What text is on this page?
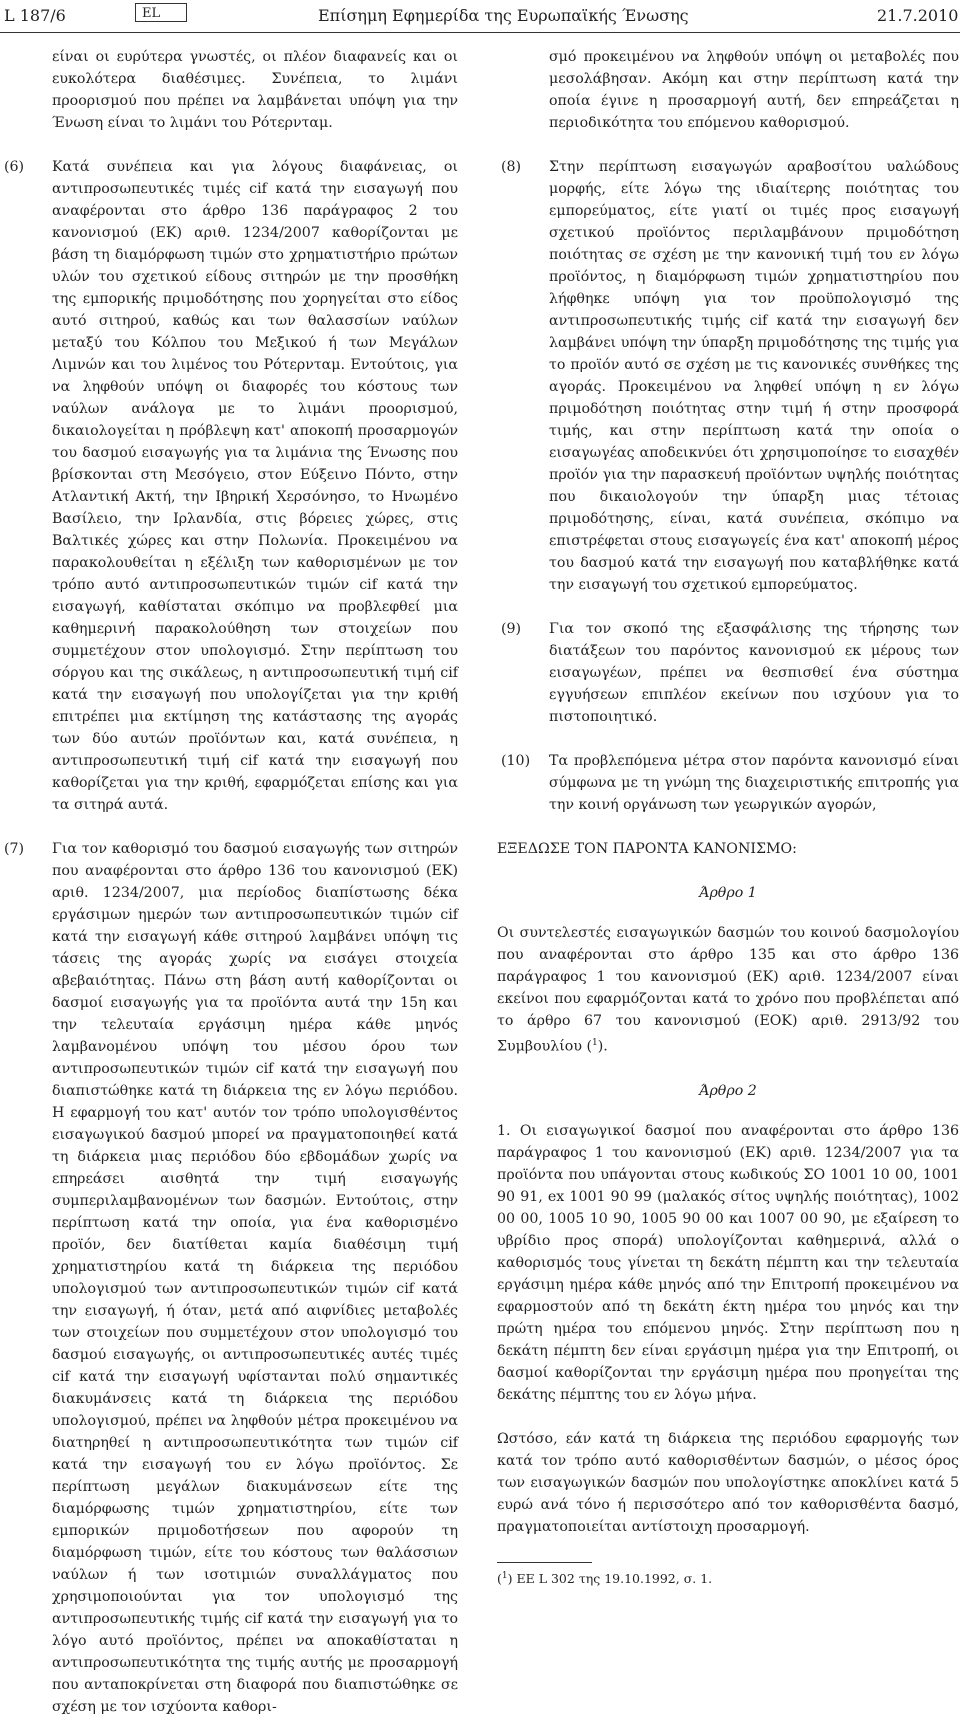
L 187/6	EL	Επίσημη Εφημερίδα της Ευρωπαϊκής Ένωσης	21.7.2010

είναι οι ευρύτερα γνωστές, οι πλέον διαφανείς και οι ευκολότερα διαθέσιμες. Συνέπεια, το λιμάνι προορισμού που πρέπει να λαμβάνεται υπόψη για την Ένωση είναι το λιμάνι του Ρότερνταμ.

(6) Κατά συνέπεια και για λόγους διαφάνειας, οι αντιπροσωπευτικές τιμές cif κατά την εισαγωγή που αναφέρονται στο άρθρο 136 παράγραφος 2 του κανονισμού (ΕΚ) αριθ. 1234/2007 καθορίζονται με βάση τη διαμόρφωση τιμών στο χρηματιστήριο πρώτων υλών του σχετικού είδους σιτηρών με την προσθήκη της εμπορικής πριμοδότησης που χορηγείται στο είδος αυτό σιτηρού, καθώς και των θαλασσίων ναύλων μεταξύ του Κόλπου του Μεξικού ή των Μεγάλων Λιμνών και του λιμένος του Ρότερνταμ. Εντούτοις, για να ληφθούν υπόψη οι διαφορές του κόστους των ναύλων ανάλογα με το λιμάνι προορισμού, δικαιολογείται η πρόβλεψη κατ' αποκοπή προσαρμογών του δασμού εισαγωγής για τα λιμάνια της Ένωσης που βρίσκονται στη Μεσόγειο, στον Εύξεινο Πόντο, στην Ατλαντική Ακτή, την Ιβηρική Χερσόνησο, το Ηνωμένο Βασίλειο, την Ιρλανδία, στις βόρειες χώρες, στις Βαλτικές χώρες και στην Πολωνία. Προκειμένου να παρακολουθείται η εξέλιξη των καθορισμένων με τον τρόπο αυτό αντιπροσωπευτικών τιμών cif κατά την εισαγωγή, καθίσταται σκόπιμο να προβλεφθεί μια καθημερινή παρακολούθηση των στοιχείων που συμμετέχουν στον υπολογισμό. Στην περίπτωση του σόργου και της σικάλεως, η αντιπροσωπευτική τιμή cif κατά την εισαγωγή που υπολογίζεται για την κριθή επιτρέπει μια εκτίμηση της κατάστασης της αγοράς των δύο αυτών προϊόντων και, κατά συνέπεια, η αντιπροσωπευτική τιμή cif κατά την εισαγωγή που καθορίζεται για την κριθή, εφαρμόζεται επίσης και για τα σιτηρά αυτά.

(7) Για τον καθορισμό του δασμού εισαγωγής των σιτηρών που αναφέρονται στο άρθρο 136 του κανονισμού (ΕΚ) αριθ. 1234/2007, μια περίοδος διαπίστωσης δέκα εργάσιμων ημερών των αντιπροσωπευτικών τιμών cif κατά την εισαγωγή κάθε σιτηρού λαμβάνει υπόψη τις τάσεις της αγοράς χωρίς να εισάγει στοιχεία αβεβαιότητας. Πάνω στη βάση αυτή καθορίζονται οι δασμοί εισαγωγής για τα προϊόντα αυτά την 15η και την τελευταία εργάσιμη ημέρα κάθε μηνός λαμβανομένου υπόψη του μέσου όρου των αντιπροσωπευτικών τιμών cif κατά την εισαγωγή που διαπιστώθηκε κατά τη διάρκεια της εν λόγω περιόδου. Η εφαρμογή του κατ' αυτόν τον τρόπο υπολογισθέντος εισαγωγικού δασμού μπορεί να πραγματοποιηθεί κατά τη διάρκεια μιας περιόδου δύο εβδομάδων χωρίς να επηρεάσει αισθητά την τιμή εισαγωγής συμπεριλαμβανομένων των δασμών. Εντούτοις, στην περίπτωση κατά την οποία, για ένα καθορισμένο προϊόν, δεν διατίθεται καμία διαθέσιμη τιμή χρηματιστηρίου κατά τη διάρκεια της περιόδου υπολογισμού των αντιπροσωπευτικών τιμών cif κατά την εισαγωγή, ή όταν, μετά από αιφνίδιες μεταβολές των στοιχείων που συμμετέχουν στον υπολογισμό του δασμού εισαγωγής, οι αντιπροσωπευτικές αυτές τιμές cif κατά την εισαγωγή υφίστανται πολύ σημαντικές διακυμάνσεις κατά τη διάρκεια της περιόδου υπολογισμού, πρέπει να ληφθούν μέτρα προκειμένου να διατηρηθεί η αντιπροσωπευτικότητα των τιμών cif κατά την εισαγωγή του εν λόγω προϊόντος. Σε περίπτωση μεγάλων διακυμάνσεων είτε της διαμόρφωσης τιμών χρηματιστηρίου, είτε των εμπορικών πριμοδοτήσεων που αφορούν τη διαμόρφωση τιμών, είτε του κόστους των θαλάσσιων ναύλων ή των ισοτιμιών συναλλάγματος που χρησιμοποιούνται για τον υπολογισμό της αντιπροσωπευτικής τιμής cif κατά την εισαγωγή για το λόγο αυτό προϊόντος, πρέπει να αποκαθίσταται η αντιπροσωπευτικότητα της τιμής αυτής με προσαρμογή που ανταποκρίνεται στη διαφορά που διαπιστώθηκε σε σχέση με τον ισχύοντα καθορι-

σμό προκειμένου να ληφθούν υπόψη οι μεταβολές που μεσολάβησαν. Ακόμη και στην περίπτωση κατά την οποία έγινε η προσαρμογή αυτή, δεν επηρεάζεται η περιοδικότητα του επόμενου καθορισμού.

(8) Στην περίπτωση εισαγωγών αραβοσίτου υαλώδους μορφής, είτε λόγω της ιδιαίτερης ποιότητας του εμπορεύματος, είτε γιατί οι τιμές προς εισαγωγή σχετικού προϊόντος περιλαμβάνουν πριμοδότηση ποιότητας σε σχέση με την κανονική τιμή του εν λόγω προϊόντος, η διαμόρφωση τιμών χρηματιστηρίου που λήφθηκε υπόψη για τον προϋπολογισμό της αντιπροσωπευτικής τιμής cif κατά την εισαγωγή δεν λαμβάνει υπόψη την ύπαρξη πριμοδότησης της τιμής για το προϊόν αυτό σε σχέση με τις κανονικές συνθήκες της αγοράς. Προκειμένου να ληφθεί υπόψη η εν λόγω πριμοδότηση ποιότητας στην τιμή ή στην προσφορά τιμής, και στην περίπτωση κατά την οποία ο εισαγωγέας αποδεικνύει ότι χρησιμοποίησε το εισαχθέν προϊόν για την παρασκευή προϊόντων υψηλής ποιότητας που δικαιολογούν την ύπαρξη μιας τέτοιας πριμοδότησης, είναι, κατά συνέπεια, σκόπιμο να επιστρέφεται στους εισαγωγείς ένα κατ' αποκοπή μέρος του δασμού κατά την εισαγωγή που καταβλήθηκε κατά την εισαγωγή του σχετικού εμπορεύματος.

(9) Για τον σκοπό της εξασφάλισης της τήρησης των διατάξεων του παρόντος κανονισμού εκ μέρους των εισαγωγέων, πρέπει να θεσπισθεί ένα σύστημα εγγυήσεων επιπλέον εκείνων που ισχύουν για το πιστοποιητικό.

(10) Τα προβλεπόμενα μέτρα στον παρόντα κανονισμό είναι σύμφωνα με τη γνώμη της διαχειριστικής επιτροπής για την κοινή οργάνωση των γεωργικών αγορών,

ΕΞΕΔΩΣΕ ΤΟΝ ΠΑΡΟΝΤΑ ΚΑΝΟΝΙΣΜΟ:

Άρθρο 1

Οι συντελεστές εισαγωγικών δασμών του κοινού δασμολογίου που αναφέρονται στο άρθρο 135 και στο άρθρο 136 παράγραφος 1 του κανονισμού (ΕΚ) αριθ. 1234/2007 είναι εκείνοι που εφαρμόζονται κατά το χρόνο που προβλέπεται από το άρθρο 67 του κανονισμού (ΕΟΚ) αριθ. 2913/92 του Συμβουλίου ($^1$).

Άρθρο 2

1. Οι εισαγωγικοί δασμοί που αναφέρονται στο άρθρο 136 παράγραφος 1 του κανονισμού (ΕΚ) αριθ. 1234/2007 για τα προϊόντα που υπάγονται στους κωδικούς ΣΟ 1001 10 00, 1001 90 91, ex 1001 90 99 (μαλακός σίτος υψηλής ποιότητας), 1002 00 00, 1005 10 90, 1005 90 00 και 1007 00 90, με εξαίρεση το υβρίδιο προς σπορά) υπολογίζονται καθημερινά, αλλά ο καθορισμός τους γίνεται τη δεκάτη πέμπτη και την τελευταία εργάσιμη ημέρα κάθε μηνός από την Επιτροπή προκειμένου να εφαρμοστούν από τη δεκάτη έκτη ημέρα του μηνός και την πρώτη ημέρα του επόμενου μηνός. Στην περίπτωση που η δεκάτη πέμπτη δεν είναι εργάσιμη ημέρα για την Επιτροπή, οι δασμοί καθορίζονται την εργάσιμη ημέρα που προηγείται της δεκάτης πέμπτης του εν λόγω μήνα.

Ωστόσο, εάν κατά τη διάρκεια της περιόδου εφαρμογής των κατά τον τρόπο αυτό καθορισθέντων δασμών, ο μέσος όρος των εισαγωγικών δασμών που υπολογίστηκε αποκλίνει κατά 5 ευρώ ανά τόνο ή περισσότερο από τον καθορισθέντα δασμό, πραγματοποιείται αντίστοιχη προσαρμογή.

($^1$) ΕΕ L 302 της 19.10.1992, σ. 1.
